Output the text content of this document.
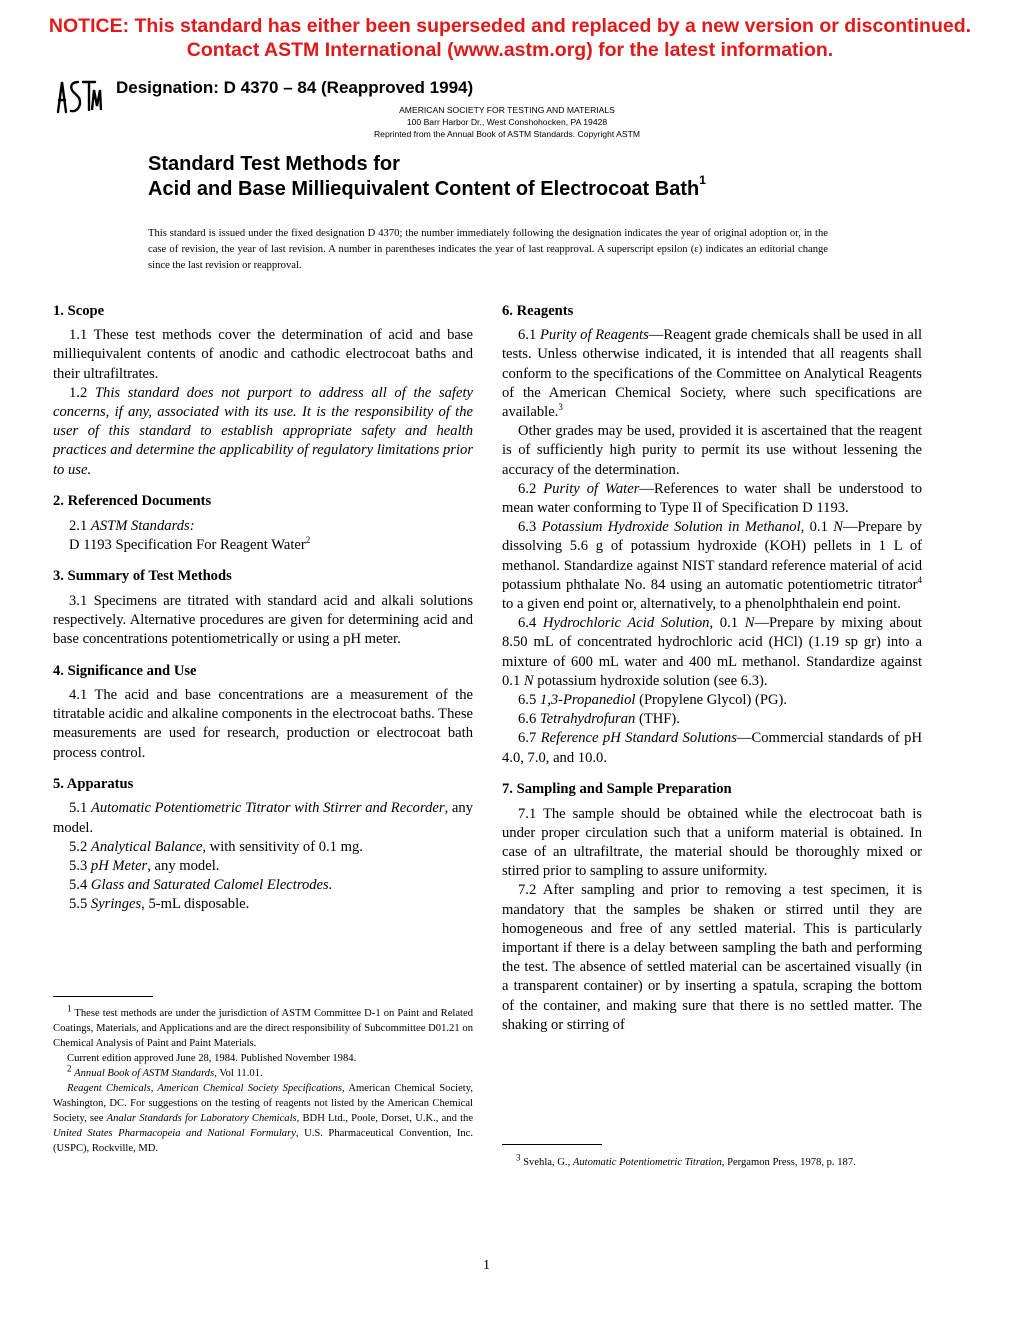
NOTICE: This standard has either been superseded and replaced by a new version or discontinued.
Contact ASTM International (www.astm.org) for the latest information.
Designation: D 4370 – 84 (Reapproved 1994)
AMERICAN SOCIETY FOR TESTING AND MATERIALS
100 Barr Harbor Dr., West Conshohocken, PA 19428
Reprinted from the Annual Book of ASTM Standards. Copyright ASTM
Standard Test Methods for
Acid and Base Milliequivalent Content of Electrocoat Bath$^1$
This standard is issued under the fixed designation D 4370; the number immediately following the designation indicates the year of original adoption or, in the case of revision, the year of last revision. A number in parentheses indicates the year of last reapproval. A superscript epsilon (ε) indicates an editorial change since the last revision or reapproval.
1. Scope

1.1 These test methods cover the determination of acid and base milliequivalent contents of anodic and cathodic electrocoat baths and their ultrafiltrates.

1.2 This standard does not purport to address all of the safety concerns, if any, associated with its use. It is the responsibility of the user of this standard to establish appropriate safety and health practices and determine the applicability of regulatory limitations prior to use.

2. Referenced Documents

2.1 ASTM Standards:

D 1193 Specification For Reagent Water$^2$

3. Summary of Test Methods

3.1 Specimens are titrated with standard acid and alkali solutions respectively. Alternative procedures are given for determining acid and base concentrations potentiometrically or using a pH meter.

4. Significance and Use

4.1 The acid and base concentrations are a measurement of the titratable acidic and alkaline components in the electrocoat baths. These measurements are used for research, production or electrocoat bath process control.

5. Apparatus

5.1 Automatic Potentiometric Titrator with Stirrer and Recorder, any model.

5.2 Analytical Balance, with sensitivity of 0.1 mg.

5.3 pH Meter, any model.

5.4 Glass and Saturated Calomel Electrodes.

5.5 Syringes, 5-mL disposable.

$^1$ These test methods are under the jurisdiction of ASTM Committee D-1 on Paint and Related Coatings, Materials, and Applications and are the direct responsibility of Subcommittee D01.21 on Chemical Analysis of Paint and Paint Materials.

Current edition approved June 28, 1984. Published November 1984.

$^2$ Annual Book of ASTM Standards, Vol 11.01.

Reagent Chemicals, American Chemical Society Specifications, American Chemical Society, Washington, DC. For suggestions on the testing of reagents not listed by the American Chemical Society, see Analar Standards for Laboratory Chemicals, BDH Ltd., Poole, Dorset, U.K., and the United States Pharmacopeia and National Formulary, U.S. Pharmaceutical Convention, Inc. (USPC), Rockville, MD.

6. Reagents

6.1 Purity of Reagents—Reagent grade chemicals shall be used in all tests. Unless otherwise indicated, it is intended that all reagents shall conform to the specifications of the Committee on Analytical Reagents of the American Chemical Society, where such specifications are available.$^3$

Other grades may be used, provided it is ascertained that the reagent is of sufficiently high purity to permit its use without lessening the accuracy of the determination.

6.2 Purity of Water—References to water shall be understood to mean water conforming to Type II of Specification D 1193.

6.3 Potassium Hydroxide Solution in Methanol, 0.1 N—Prepare by dissolving 5.6 g of potassium hydroxide (KOH) pellets in 1 L of methanol. Standardize against NIST standard reference material of acid potassium phthalate No. 84 using an automatic potentiometric titrator$^4$ to a given end point or, alternatively, to a phenolphthalein end point.

6.4 Hydrochloric Acid Solution, 0.1 N—Prepare by mixing about 8.50 mL of concentrated hydrochloric acid (HCl) (1.19 sp gr) into a mixture of 600 mL water and 400 mL methanol. Standardize against 0.1 N potassium hydroxide solution (see 6.3).

6.5 1,3-Propanediol (Propylene Glycol) (PG).

6.6 Tetrahydrofuran (THF).

6.7 Reference pH Standard Solutions—Commercial standards of pH 4.0, 7.0, and 10.0.

7. Sampling and Sample Preparation

7.1 The sample should be obtained while the electrocoat bath is under proper circulation such that a uniform material is obtained. In case of an ultrafiltrate, the material should be thoroughly mixed or stirred prior to sampling to assure uniformity.

7.2 After sampling and prior to removing a test specimen, it is mandatory that the samples be shaken or stirred until they are homogeneous and free of any settled material. This is particularly important if there is a delay between sampling the bath and performing the test. The absence of settled material can be ascertained visually (in a transparent container) or by inserting a spatula, scraping the bottom of the container, and making sure that there is no settled matter. The shaking or stirring of

$^3$ Svehla, G., Automatic Potentiometric Titration, Pergamon Press, 1978, p. 187.

1
